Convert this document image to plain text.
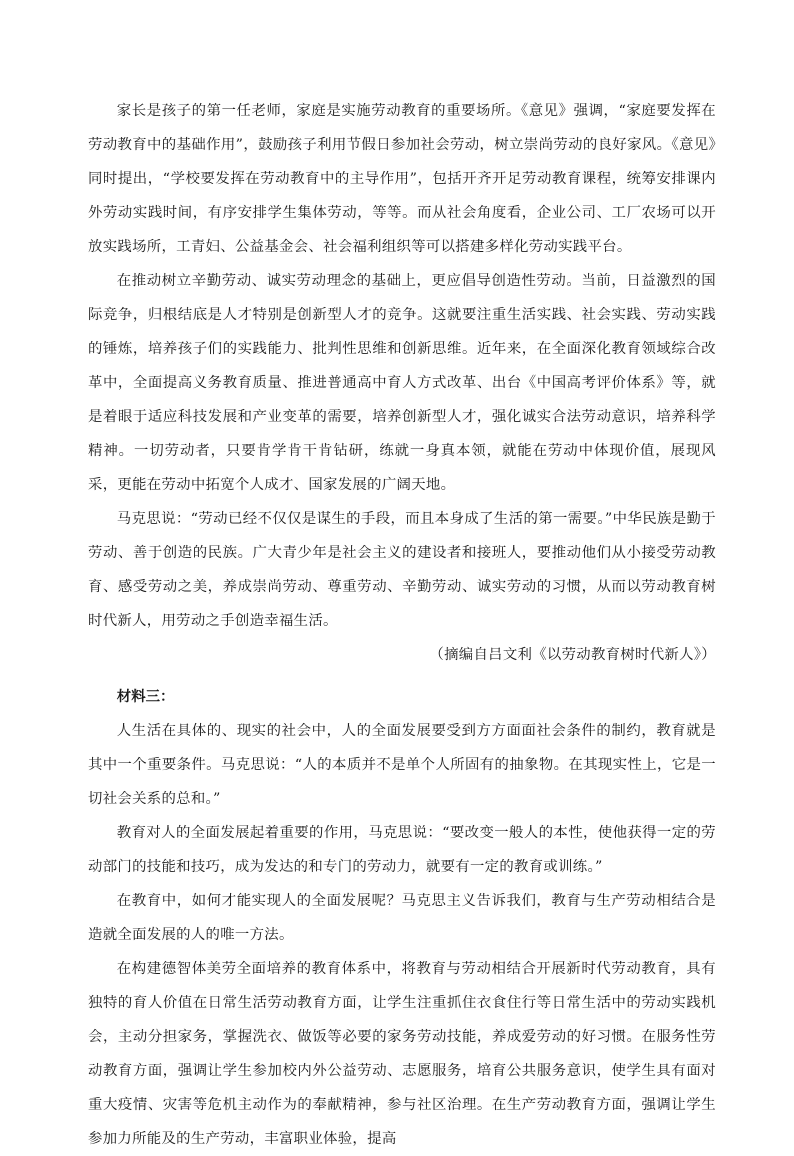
家长是孩子的第一任老师，家庭是实施劳动教育的重要场所。《意见》强调，“家庭要发挥在劳动教育中的基础作用”，鼓励孩子利用节假日参加社会劳动，树立崇尚劳动的良好家风。《意见》同时提出，“学校要发挥在劳动教育中的主导作用”，包括开齐开足劳动教育课程，统筹安排课内外劳动实践时间，有序安排学生集体劳动，等等。而从社会角度看，企业公司、工厂农场可以开放实践场所，工青妇、公益基金会、社会福利组织等可以搭建多样化劳动实践平台。

在推动树立辛勤劳动、诚实劳动理念的基础上，更应倡导创造性劳动。当前，日益激烈的国际竞争，归根结底是人才特别是创新型人才的竞争。这就要注重生活实践、社会实践、劳动实践的锤炼，培养孩子们的实践能力、批判性思维和创新思维。近年来，在全面深化教育领域综合改革中，全面提高义务教育质量、推进普通高中育人方式改革、出台《中国高考评价体系》等，就是着眼于适应科技发展和产业变革的需要，培养创新型人才，强化诚实合法劳动意识，培养科学精神。一切劳动者，只要肯学肯干肯钻研，练就一身真本领，就能在劳动中体现价值，展现风采，更能在劳动中拓宽个人成才、国家发展的广阔天地。

马克思说：“劳动已经不仅仅是谋生的手段，而且本身成了生活的第一需要。”中华民族是勤于劳动、善于创造的民族。广大青少年是社会主义的建设者和接班人，要推动他们从小接受劳动教育、感受劳动之美，养成崇尚劳动、尊重劳动、辛勤劳动、诚实劳动的习惯，从而以劳动教育树时代新人，用劳动之手创造幸福生活。

（摘编自吕文利《以劳动教育树时代新人》）

材料三：

人生活在具体的、现实的社会中，人的全面发展要受到方方面面社会条件的制约，教育就是其中一个重要条件。马克思说：“人的本质并不是单个人所固有的抽象物。在其现实性上，它是一切社会关系的总和。”

教育对人的全面发展起着重要的作用，马克思说：“要改变一般人的本性，使他获得一定的劳动部门的技能和技巧，成为发达的和专门的劳动力，就要有一定的教育或训练。”

在教育中，如何才能实现人的全面发展呢？马克思主义告诉我们，教育与生产劳动相结合是造就全面发展的人的唯一方法。

在构建德智体美劳全面培养的教育体系中，将教育与劳动相结合开展新时代劳动教育，具有独特的育人价值在日常生活劳动教育方面，让学生注重抓住衣食住行等日常生活中的劳动实践机会，主动分担家务，掌握洗衣、做饭等必要的家务劳动技能，养成爱劳动的好习惯。在服务性劳动教育方面，强调让学生参加校内外公益劳动、志愿服务，培育公共服务意识，使学生具有面对重大疫情、灾害等危机主动作为的奉献精神，参与社区治理。在生产劳动教育方面，强调让学生参加力所能及的生产劳动，丰富职业体验，提高
